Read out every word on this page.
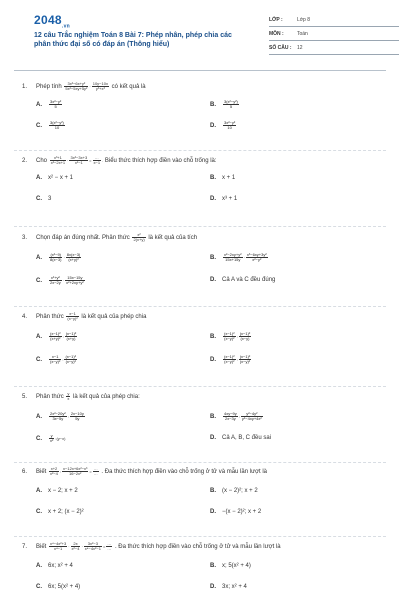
$2048_{.vn}$
12 câu Trắc nghiệm Toán 8 Bài 7: Phép nhân, phép chia các phân thức đại số có đáp án (Thông hiểu)
LỚP :	Lớp 8
MÔN :	Toán
SỐ CÂU :	12
1.	Phép tính $\frac{\text{3x²−6x+y²}}{\text{5x²−5xy+5y²}} \cdot \frac{10y-10x}{\text{y³+x³}}$ có kết quả là
A.	$\frac{\text{3x²−y²}}{5}$	B.	$\frac{\text{3(x²−y²)}}{5}$
C.	$\frac{\text{3(x²−y²)}}{10}$	D.	$\frac{\text{3x²−y²}}{10}$
2.	Cho $\frac{\text{x³+1}}{\text{x²−2x+1}} \cdot \frac{\text{3x²−3x+3}}{\text{x²−1}} = \frac{\dots}{x-1}$ . Biểu thức thích hợp điền vào chỗ trống là:
A.	x² − x + 1	B.	x + 1
C.	3	D.	x³ + 1
3.	Chọn đáp án đúng nhất. Phân thức $\frac{\text{x²}}{2(x+y)}$ là kết quả của tích
A.	$\frac{\text{(x²−9)}}{8(x-3)} \cdot \frac{8x(x-3)}{\text{(x+y)²}}$	B.	$\frac{\text{x²−2xy+y²}}{15x+15y} \cdot \frac{\text{x³−6xy+3y²}}{\text{x²−y²}}$
C.	$\frac{\text{x²+y²}}{2x-2y} \cdot \frac{15x-15y}{\text{x²+2xy+y²}}$	D.	Cả A và C đều đúng
4.	Phân thức $\frac{x-1}{\text{(x−y)²}}$ là kết quả của phép chia
A.	$\frac{\text{(x−1)²}}{\text{(x+y)²}}$ : $\frac{\text{(x−1)²}}{(x+y)}$	B.	$\frac{\text{(x−1)²}}{\text{(x−y)²}}$ : $\frac{\text{(x−1)²}}{(x-y)}$
C.	$\frac{x-1}{\text{(x−y)²}}$ : $\frac{\text{(x−1)²}}{\text{(x−y)²}}$	D.	$\frac{\text{(x−1)²}}{\text{(x−y)²}}$ : $\frac{\text{(x−1)²}}{\text{(x−y)²}}$
5.	Phân thức $\frac{y}{x}$ là kết quả của phép chia:
A.	$\frac{\text{2x²−20y²}}{3x-5y}$ : $\frac{2x-10y}{5y}$	B.	$\frac{4xy-9y}{2x-3y}$ : $\frac{\text{y²−4y²}}{\text{y²−4xy+4x²}}$
C.	$\frac{y}{\text{x²}}$ :(y−x)	D.	Cả A, B, C đều sai
6.	Biết $\frac{x+2}{\text{x²−4}}$ : $\frac{\text{x−12x+6x²−x³}}{\text{16−2x²}} = \frac{\dots}{\dots}$ . Đa thức thích hợp điền vào chỗ trống ở tử và mẫu lần lượt là
A.	x − 2; x + 2	B.	(x − 2)²; x + 2
C.	x + 2; (x − 2)²	D.	−(x − 2)²; x + 2
7.	Biết $\frac{\text{x⁴−4x²+3}}{\text{x⁴−1}} \cdot \frac{2x}{\text{x²−4}} \cdot \frac{\text{3x²−3}}{\text{x⁴−4x²−1}} = \frac{\dots}{\dots}$ . Đa thức thích hợp điền vào chỗ trống ở tử và mẫu lần lượt là
A.	6x; x² + 4	B.	x; 5(x² + 4)
C.	6x; 5(x² + 4)	D.	3x; x² + 4
